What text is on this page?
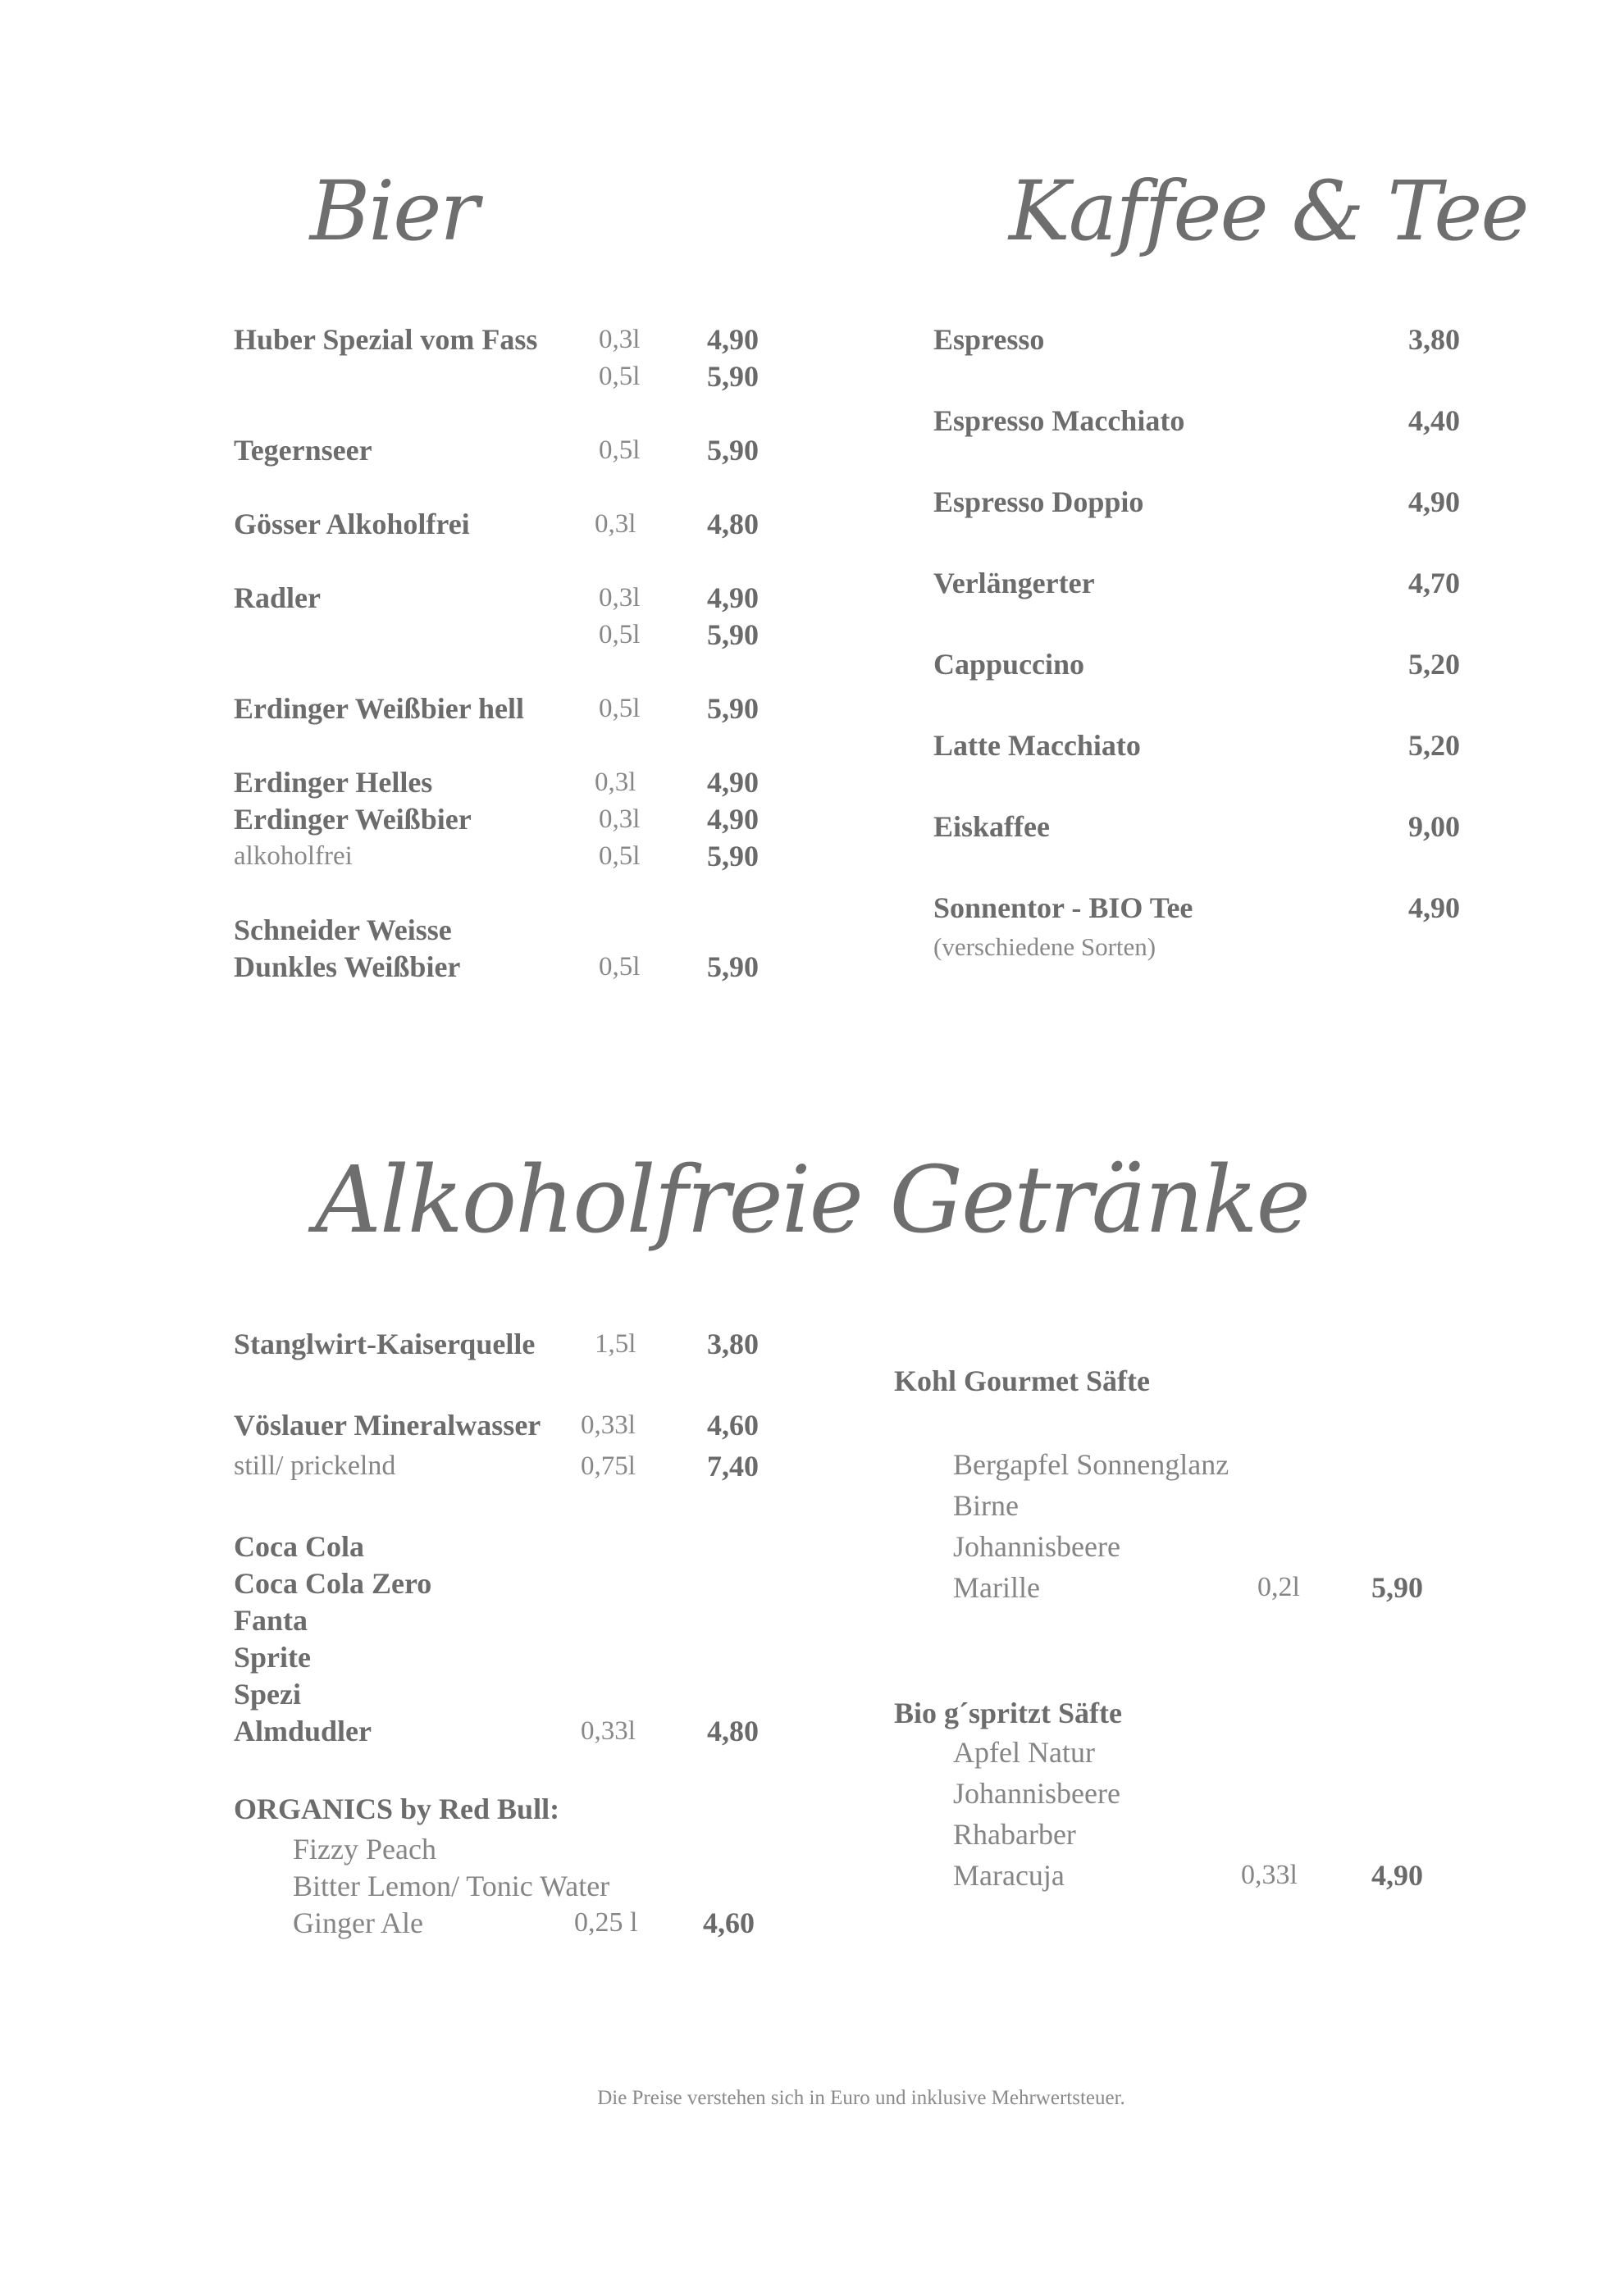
Bier	Kaffee & Tee
Alkoholfreie Getränke
Huber Spezial vom Fass 0,3l	4,90
0,5l	5,90
Tegernseer	0,5l	5,90
Gösser Alkoholfrei	0,3l	4,80
Radler	0,3l	4,90
0,5l	5,90
Erdinger Weißbier hell	0,5l	5,90
Erdinger Helles	0,3l	4,90
Erdinger Weißbier	0,3l	4,90
alkoholfrei	0,5l	5,90
Schneider Weisse
Dunkles Weißbier	0,5l	5,90
Espresso	3,80
Espresso Macchiato	4,40
Espresso Doppio	4,90
Verlängerter	4,70
Cappuccino	5,20
Latte Macchiato	5,20
Eiskaffee	9,00
Sonnentor - BIO Tee	4,90
(verschiedene Sorten)
Stanglwirt-Kaiserquelle 1,5l	3,80
Vöslauer Mineralwasser 0,33l	4,60
still/ prickelnd	0,75l	7,40
Coca Cola
Coca Cola Zero
Fanta
Sprite
Spezi
Almdudler	0,33l	4,80
ORGANICS by Red Bull:
Fizzy Peach
Bitter Lemon/ Tonic Water
Ginger Ale	0,25 l	4,60
Kohl Gourmet Säfte
Bergapfel Sonnenglanz
Birne
Johannisbeere
Marille	0,2l	5,90
Bio g´spritzt Säfte
Apfel Natur
Johannisbeere
Rhabarber
Maracuja	0,33l	4,90
Die Preise verstehen sich in Euro und inklusive Mehrwertsteuer.
